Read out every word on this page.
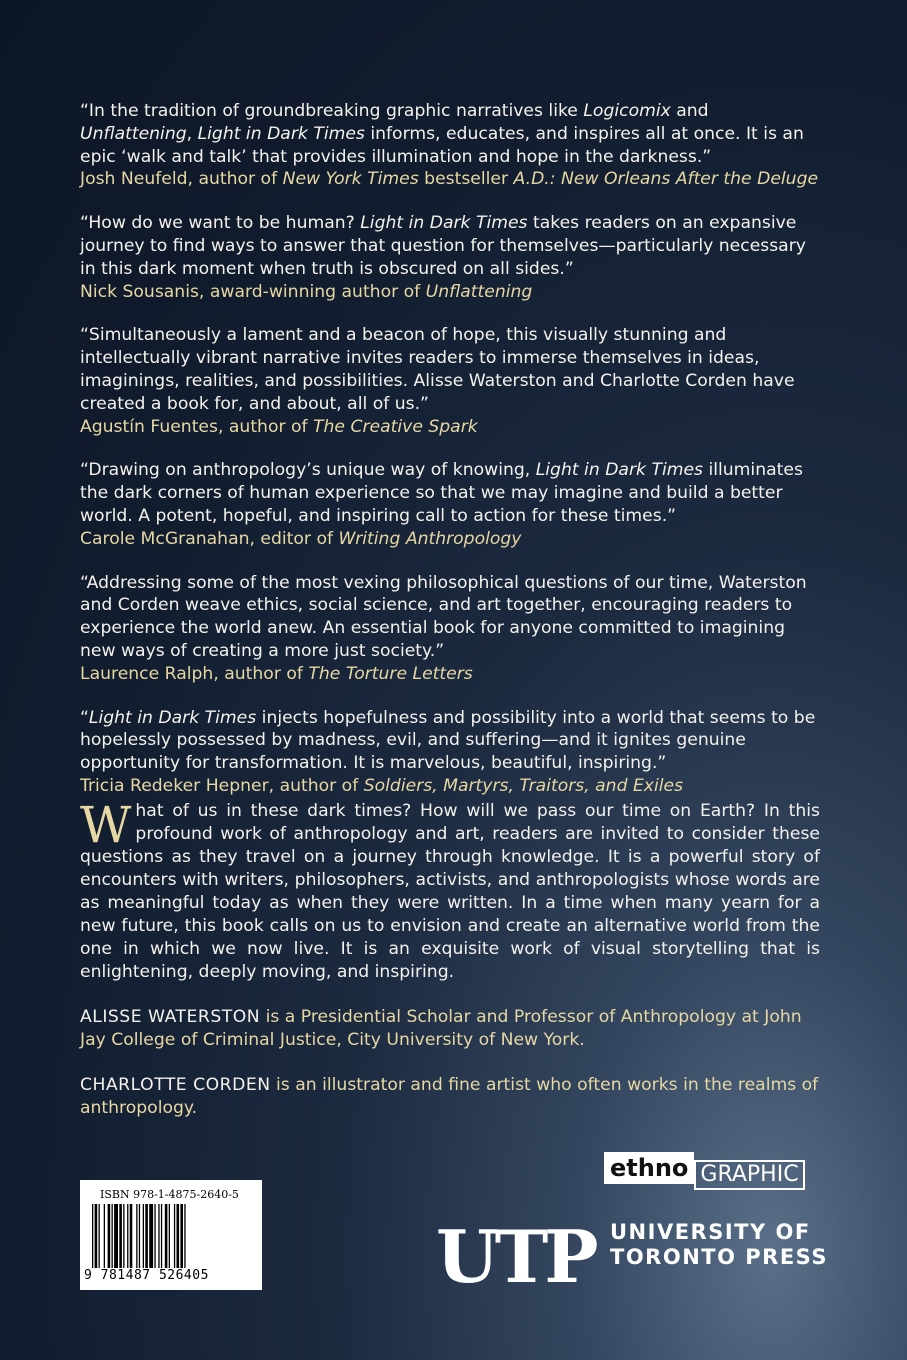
“In the tradition of groundbreaking graphic narratives like Logicomix and Unflattening, Light in Dark Times informs, educates, and inspires all at once. It is an epic ‘walk and talk’ that provides illumination and hope in the darkness.”
Josh Neufeld, author of New York Times bestseller A.D.: New Orleans After the Deluge
“How do we want to be human? Light in Dark Times takes readers on an expansive journey to find ways to answer that question for themselves—particularly necessary in this dark moment when truth is obscured on all sides.”
Nick Sousanis, award-winning author of Unflattening
“Simultaneously a lament and a beacon of hope, this visually stunning and intellectually vibrant narrative invites readers to immerse themselves in ideas, imaginings, realities, and possibilities. Alisse Waterston and Charlotte Corden have created a book for, and about, all of us.”
Agustín Fuentes, author of The Creative Spark
“Drawing on anthropology’s unique way of knowing, Light in Dark Times illuminates the dark corners of human experience so that we may imagine and build a better world. A potent, hopeful, and inspiring call to action for these times.”
Carole McGranahan, editor of Writing Anthropology
“Addressing some of the most vexing philosophical questions of our time, Waterston and Corden weave ethics, social science, and art together, encouraging readers to experience the world anew. An essential book for anyone committed to imagining new ways of creating a more just society.”
Laurence Ralph, author of The Torture Letters
“Light in Dark Times injects hopefulness and possibility into a world that seems to be hopelessly possessed by madness, evil, and suffering—and it ignites genuine opportunity for transformation. It is marvelous, beautiful, inspiring.”
Tricia Redeker Hepner, author of Soldiers, Martyrs, Traitors, and Exiles
What of us in these dark times? How will we pass our time on Earth? In this profound work of anthropology and art, readers are invited to consider these questions as they travel on a journey through knowledge. It is a powerful story of encounters with writers, philosophers, activists, and anthropologists whose words are as meaningful today as when they were written. In a time when many yearn for a new future, this book calls on us to envision and create an alternative world from the one in which we now live. It is an exquisite work of visual storytelling that is enlightening, deeply moving, and inspiring.
ALISSE WATERSTON is a Presidential Scholar and Professor of Anthropology at John Jay College of Criminal Justice, City University of New York.
CHARLOTTE CORDEN is an illustrator and fine artist who often works in the realms of anthropology.
ISBN 978-1-4875-2640-5
9 781487 526405
ethno GRAPHIC
UTP UNIVERSITY OF
TORONTO PRESS
